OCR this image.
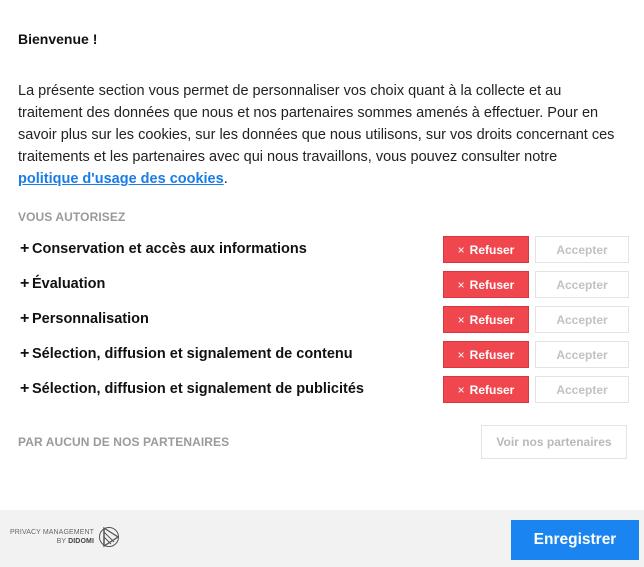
Bienvenue !
La présente section vous permet de personnaliser vos choix quant à la collecte et au traitement des données que nous et nos partenaires sommes amenés à effectuer. Pour en savoir plus sur les cookies, sur les données que nous utilisons, sur vos droits concernant ces traitements et les partenaires avec qui nous travaillons, vous pouvez consulter notre politique d'usage des cookies.
VOUS AUTORISEZ
+ Conservation et accès aux informations	× Refuser	Accepter
+ Évaluation	× Refuser	Accepter
+ Personnalisation	× Refuser	Accepter
+ Sélection, diffusion et signalement de contenu	× Refuser	Accepter
+ Sélection, diffusion et signalement de publicités	× Refuser	Accepter
PAR AUCUN DE NOS PARTENAIRES	Voir nos partenaires
PRIVACY MANAGEMENT
BY DIDOMI	Enregistrer
